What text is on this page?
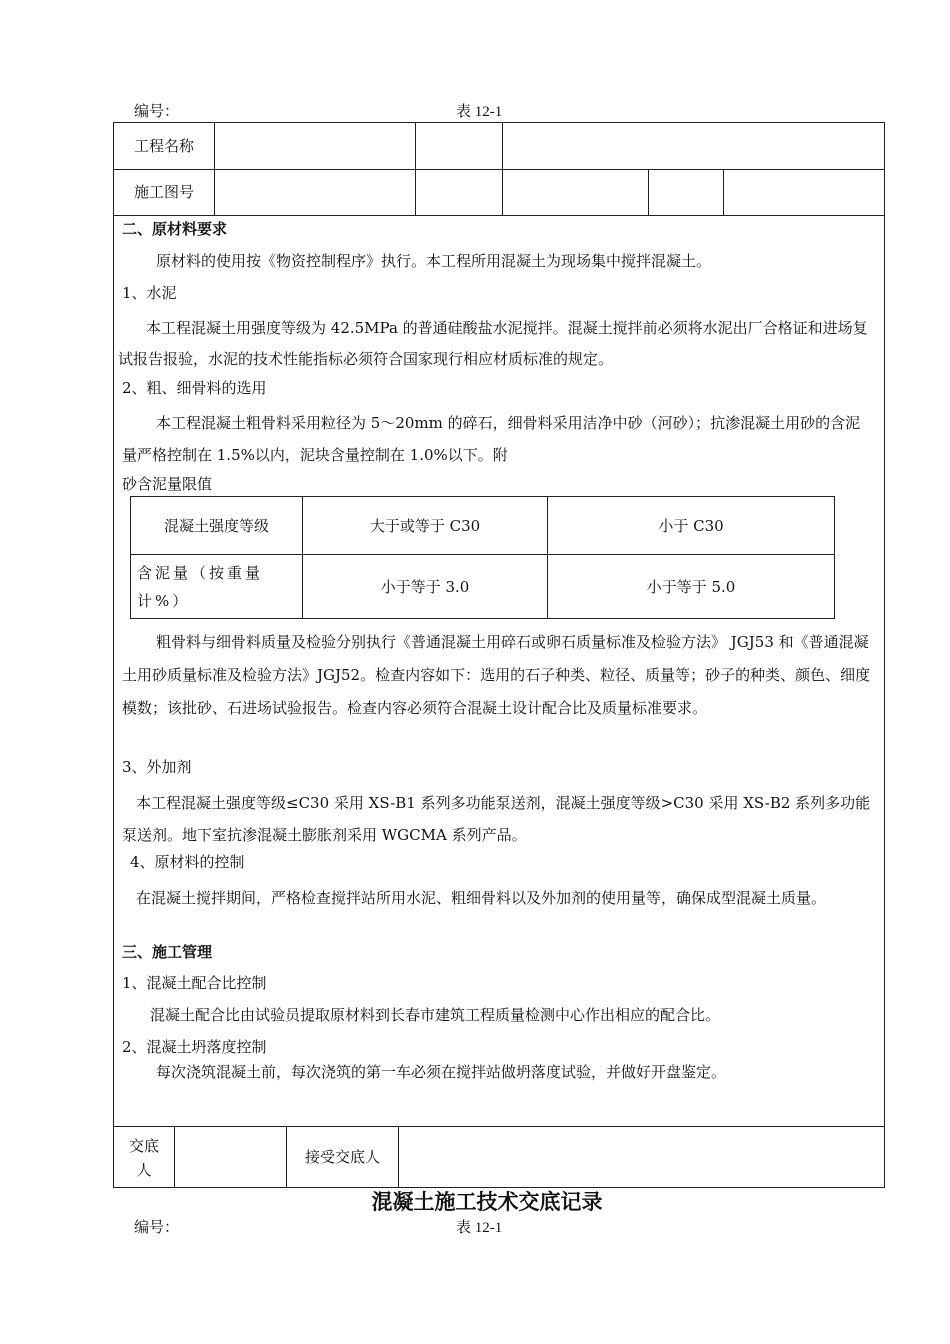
编号：	表 12-1
工程名称
施工图号
二、原材料要求
原材料的使用按《物资控制程序》执行。本工程所用混凝土为现场集中搅拌混凝土。
1、水泥
本工程混凝土用强度等级为 42.5MPa 的普通硅酸盐水泥搅拌。混凝土搅拌前必须将水泥出厂合格证和进场复试报告报验，水泥的技术性能指标必须符合国家现行相应材质标准的规定。
2、粗、细骨料的选用
本工程混凝土粗骨料采用粒径为 5～20mm 的碎石，细骨料采用洁净中砂（河砂）；抗渗混凝土用砂的含泥量严格控制在 1.5%以内，泥块含量控制在 1.0%以下。附
砂含泥量限值
混凝土强度等级	大于或等于 C30	小于 C30
含泥量（按重量计%）	小于等于 3.0	小于等于 5.0
粗骨料与细骨料质量及检验分别执行《普通混凝土用碎石或卵石质量标准及检验方法》 JGJ53 和《普通混凝土用砂质量标准及检验方法》JGJ52。检查内容如下：选用的石子种类、粒径、质量等；砂子的种类、颜色、细度模数；该批砂、石进场试验报告。检查内容必须符合混凝土设计配合比及质量标准要求。
3、外加剂
本工程混凝土强度等级≤C30 采用 XS-B1 系列多功能泵送剂，混凝土强度等级>C30 采用 XS-B2 系列多功能泵送剂。地下室抗渗混凝土膨胀剂采用 WGCMA 系列产品。
4、原材料的控制
在混凝土搅拌期间，严格检查搅拌站所用水泥、粗细骨料以及外加剂的使用量等，确保成型混凝土质量。
三、施工管理
1、混凝土配合比控制
混凝土配合比由试验员提取原材料到长春市建筑工程质量检测中心作出相应的配合比。
2、混凝土坍落度控制
每次浇筑混凝土前，每次浇筑的第一车必须在搅拌站做坍落度试验，并做好开盘鉴定。
交底人
接受交底人
混凝土施工技术交底记录
编号：	表 12-1
